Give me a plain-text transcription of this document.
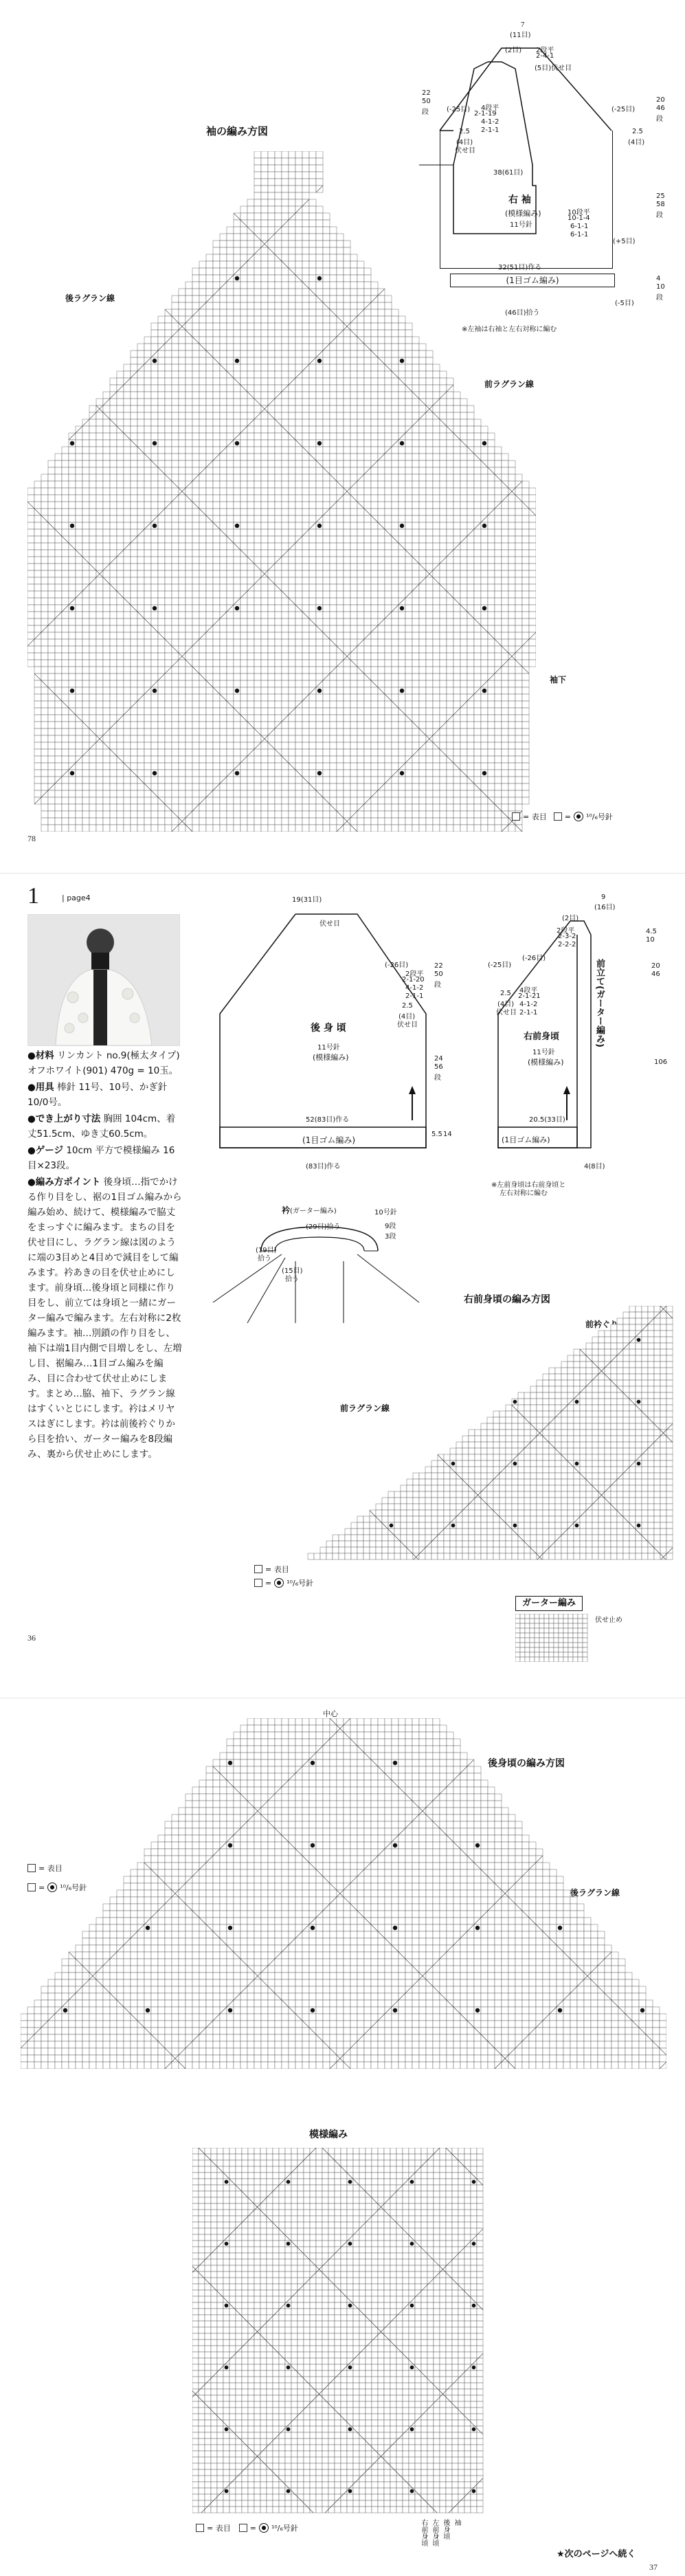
袖の編み方図
後ラグラン線
前ラグラン線
袖下
7
(11目)
(2目) 2段平
2-4-1
(5目)伏せ目
4段平
2-1-19
4-1-2
2-1-1
(-25目)	(-25目)
2.5
(4目)
伏せ目
38(61目)
右 袖
(模様編み)
11号針
10段平
10-1-4
6-1-1
6-1-1
(+5目)
32(51目)作る
(1目ゴム編み)
(-5目)
(46目)拾う
※左袖は右袖と左右対称に編む
22
50
段
20
46
段
25
58
段
4
10
段
2.5
(4目)
= 表目 = ¹⁰/₆号針
78
1	| page4

●材料 リンカント no.9(極太タイプ) オフホワイト(901) 470g = 10玉。

●用具 棒針 11号、10号、かぎ針10/0号。

●でき上がり寸法 胸囲 104cm、着丈51.5cm、ゆき丈60.5cm。

●ゲージ 10cm 平方で模様編み 16目×23段。

●編み方ポイント 後身頃…指でかける作り目をし、裾の1目ゴム編みから編み始め、続けて、模様編みで脇丈をまっすぐに編みます。まちの目を伏せ目にし、ラグラン線は図のように端の3目めと4目めで減目をして編みます。衿あきの目を伏せ止めにします。前身頃…後身頃と同様に作り目をし、前立ては身頃と一緒にガーター編みで編みます。左右対称に2枚編みます。袖…別鎖の作り目をし、袖下は端1目内側で目増しをし、左増し目、裾編み…1目ゴム編みを編み、目に合わせて伏せ止めにします。まとめ…脇、袖下、ラグラン線はすくいとじにします。衿はメリヤスはぎにします。衿は前後衿ぐりから目を拾い、ガーター編みを8段編み、裏から伏せ止めにします。

19(31目)
伏せ目
(-26目)
2段平
2-1-20
4-1-2
2-1-1
2.5
(4目)
伏せ目
22
50
段
24
56
段
5.5 14
後 身 頃
11号針
(模様編み)
52(83目)作る
(1目ゴム編み)
(83目)作る
9
(16目)
(2目)
2段平
2-3-2
2-2-2
(-26目)
(-25目)
4段平
2-1-21
4-1-2
2-1-1
2.5
(4目)
伏せ目
4.5
10
20
46
106
右前身頃
11号針
(模様編み)
前立て(ガーター編み)
20.5(33目)
(1目ゴム編み)
4(8目)
※左前身頃は右前身頃と
左右対称に編む
衿(ガーター編み)	10号針
(29目)拾う	9段
3段
(19目)
拾う
(15目)
拾う
右前身頃の編み方図
前衿ぐり
前ラグラン線
= ¹⁰/₆号針
= 表目
ガーター編み
伏せ止め
36
中心
後身頃の編み方図
後ラグラン線
= 表目
= ¹⁰/₆号針
模様編み
= 表目	= ¹⁰/₆号針	右前身頃 左前身頃 後身頃 袖
★次のページへ続く
37
